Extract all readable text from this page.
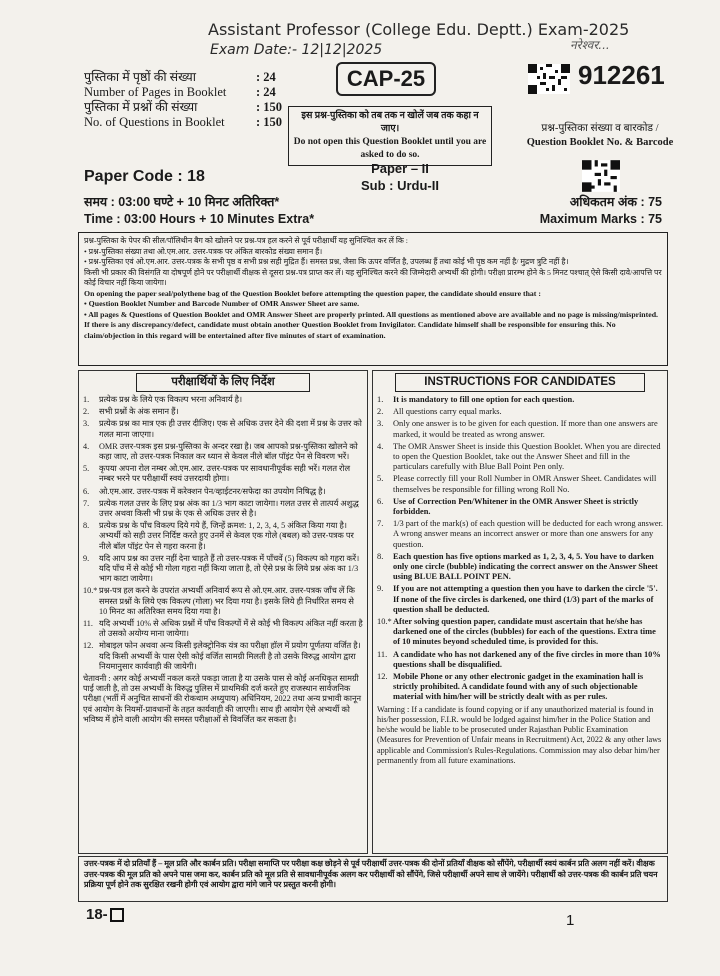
Assistant Professor (College Edu. Deptt.) Exam-2025
Exam Date:- 12|12|2025	नरेश्वर...
पुस्तिका में पृष्ठों की संख्या	: 24
Number of Pages in Booklet : 24
पुस्तिका में प्रश्नों की संख्या	: 150
No. of Questions in Booklet	: 150
CAP-25
इस प्रश्न-पुस्तिका को तब तक न खोलें जब तक कहा न जाए।
Do not open this Question Booklet until you are asked to do so.
912261
प्रश्न-पुस्तिका संख्या व बारकोड /
Question Booklet No. & Barcode
Paper Code : 18	Paper – II
Sub : Urdu-II
समय : 03:00 घण्टे + 10 मिनट अतिरिक्त*
Time : 03:00 Hours + 10 Minutes Extra*
अधिकतम अंक : 75
Maximum Marks : 75

प्रश्न-पुस्तिका के पेपर की सील/पॉलिथीन बैग को खोलने पर प्रश्न-पत्र हल करने से पूर्व परीक्षार्थी यह सुनिश्चित कर लें कि :

• प्रश्न-पुस्तिका संख्या तथा ओ.एम.आर. उत्तर-पत्रक पर अंकित बारकोड संख्या समान हैं।

• प्रश्न-पुस्तिका एवं ओ.एम.आर. उत्तर-पत्रक के सभी पृष्ठ व सभी प्रश्न सही मुद्रित हैं। समस्त प्रश्न, जैसा कि ऊपर वर्णित है, उपलब्ध हैं तथा कोई भी पृष्ठ कम नहीं है/ मुद्रण त्रुटि नहीं है।

किसी भी प्रकार की विसंगति या दोषपूर्ण होने पर परीक्षार्थी वीक्षक से दूसरा प्रश्न-पत्र प्राप्त कर लें। यह सुनिश्चित करने की जिम्मेदारी अभ्यर्थी की होगी। परीक्षा प्रारम्भ होने के 5 मिनट पश्चात् ऐसे किसी दावे/आपत्ति पर कोई विचार नहीं किया जायेगा।

On opening the paper seal/polythene bag of the Question Booklet before attempting the question paper, the candidate should ensure that :

• Question Booklet Number and Barcode Number of OMR Answer Sheet are same.

• All pages & Questions of Question Booklet and OMR Answer Sheet are properly printed. All questions as mentioned above are available and no page is missing/misprinted.

If there is any discrepancy/defect, candidate must obtain another Question Booklet from Invigilator. Candidate himself shall be responsible for ensuring this. No claim/objection in this regard will be entertained after five minutes of start of examination.

परीक्षार्थियों के लिए निर्देश
1.	प्रत्येक प्रश्न के लिये एक विकल्प भरना अनिवार्य है।
2.	सभी प्रश्नों के अंक समान हैं।
3.	प्रत्येक प्रश्न का मात्र एक ही उत्तर दीजिए। एक से अधिक उत्तर देने की दशा में प्रश्न के उत्तर को गलत माना जाएगा।
4.	OMR उत्तर-पत्रक इस प्रश्न-पुस्तिका के अन्दर रखा है। जब आपको प्रश्न-पुस्तिका खोलने को कहा जाए, तो उत्तर-पत्रक निकाल कर ध्यान से केवल नीले बॉल पॉइंट पेन से विवरण भरें।
5.	कृपया अपना रोल नम्बर ओ.एम.आर. उत्तर-पत्रक पर सावधानीपूर्वक सही भरें। गलत रोल नम्बर भरने पर परीक्षार्थी स्वयं उत्तरदायी होगा।
6.	ओ.एम.आर. उत्तर-पत्रक में करेक्शन पेन/व्हाईटनर/सफेदा का उपयोग निषिद्ध है।
7.	प्रत्येक गलत उत्तर के लिए प्रश्न अंक का 1/3 भाग काटा जायेगा। गलत उत्तर से तात्पर्य अशुद्ध उत्तर अथवा किसी भी प्रश्न के एक से अधिक उत्तर से है।
8.	प्रत्येक प्रश्न के पाँच विकल्प दिये गये हैं, जिन्हें क्रमश: 1, 2, 3, 4, 5 अंकित किया गया है। अभ्यर्थी को सही उत्तर निर्दिष्ट करते हुए उनमें से केवल एक गोले (बबल) को उत्तर-पत्रक पर नीले बॉल पॉइंट पेन से गहरा करना है।
9.	यदि आप प्रश्न का उत्तर नहीं देना चाहते हैं तो उत्तर-पत्रक में पाँचवें (5) विकल्प को गहरा करें। यदि पाँच में से कोई भी गोला गहरा नहीं किया जाता है, तो ऐसे प्रश्न के लिये प्रश्न अंक का 1/3 भाग काटा जायेगा।
10.* प्रश्न-पत्र हल करने के उपरांत अभ्यर्थी अनिवार्य रूप से ओ.एम.आर. उत्तर-पत्रक जाँच लें कि समस्त प्रश्नों के लिये एक विकल्प (गोला) भर दिया गया है। इसके लिये ही निर्धारित समय से 10 मिनट का अतिरिक्त समय दिया गया है।
11. यदि अभ्यर्थी 10% से अधिक प्रश्नों में पाँच विकल्पों में से कोई भी विकल्प अंकित नहीं करता है तो उसको अयोग्य माना जायेगा।
12. मोबाइल फोन अथवा अन्य किसी इलेक्ट्रोनिक यंत्र का परीक्षा हॉल में प्रयोग पूर्णतया वर्जित है। यदि किसी अभ्यर्थी के पास ऐसी कोई वर्जित सामग्री मिलती है तो उसके विरुद्ध आयोग द्वारा नियमानुसार कार्यवाही की जायेगी।
चेतावनी : अगर कोई अभ्यर्थी नकल करते पकड़ा जाता है या उसके पास से कोई अनधिकृत सामग्री पाई जाती है, तो उस अभ्यर्थी के विरुद्ध पुलिस में प्राथमिकी दर्ज करते हुए राजस्थान सार्वजनिक परीक्षा (भर्ती में अनुचित साधनों की रोकथाम अध्युपाय) अधिनियम, 2022 तथा अन्य प्रभावी कानून एवं आयोग के नियमों-प्रावधानों के तहत कार्यवाही की जाएगी। साथ ही आयोग ऐसे अभ्यर्थी को भविष्य में होने वाली आयोग की समस्त परीक्षाओं से विवर्जित कर सकता है।
INSTRUCTIONS FOR CANDIDATES
1.	It is mandatory to fill one option for each question.
2.	All questions carry equal marks.
3.	Only one answer is to be given for each question. If more than one answers are marked, it would be treated as wrong answer.
4.	The OMR Answer Sheet is inside this Question Booklet. When you are directed to open the Question Booklet, take out the Answer Sheet and fill in the particulars carefully with Blue Ball Point Pen only.
5.	Please correctly fill your Roll Number in OMR Answer Sheet. Candidates will themselves be responsible for filling wrong Roll No.
6.	Use of Correction Pen/Whitener in the OMR Answer Sheet is strictly forbidden.
7.	1/3 part of the mark(s) of each question will be deducted for each wrong answer. A wrong answer means an incorrect answer or more than one answers for any question.
8.	Each question has five options marked as 1, 2, 3, 4, 5. You have to darken only one circle (bubble) indicating the correct answer on the Answer Sheet using BLUE BALL POINT PEN.
9.	If you are not attempting a question then you have to darken the circle '5'. If none of the five circles is darkened, one third (1/3) part of the marks of question shall be deducted.
10.* After solving question paper, candidate must ascertain that he/she has darkened one of the circles (bubbles) for each of the questions. Extra time of 10 minutes beyond scheduled time, is provided for this.
11. A candidate who has not darkened any of the five circles in more than 10% questions shall be disqualified.
12. Mobile Phone or any other electronic gadget in the examination hall is strictly prohibited. A candidate found with any of such objectionable material with him/her will be strictly dealt with as per rules.
Warning : If a candidate is found copying or if any unauthorized material is found in his/her possession, F.I.R. would be lodged against him/her in the Police Station and he/she would be liable to be prosecuted under Rajasthan Public Examination (Measures for Prevention of Unfair means in Recruitment) Act, 2022 & any other laws applicable and Commission's Rules-Regulations. Commission may also debar him/her permanently from all future examinations.
उत्तर-पत्रक में दो प्रतियाँ हैं – मूल प्रति और कार्बन प्रति। परीक्षा समाप्ति पर परीक्षा कक्ष छोड़ने से पूर्व परीक्षार्थी उत्तर-पत्रक की दोनों प्रतियाँ वीक्षक को सौंपेंगे, परीक्षार्थी स्वयं कार्बन प्रति अलग नहीं करें। वीक्षक उत्तर-पत्रक की मूल प्रति को अपने पास जमा कर, कार्बन प्रति को मूल प्रति से सावधानीपूर्वक अलग कर परीक्षार्थी को सौंपेंगे, जिसे परीक्षार्थी अपने साथ ले जायेंगे। परीक्षार्थी को उत्तर-पत्रक की कार्बन प्रति चयन प्रक्रिया पूर्ण होने तक सुरक्षित रखनी होगी एवं आयोग द्वारा मांगे जाने पर प्रस्तुत करनी होगी।
18-	1
